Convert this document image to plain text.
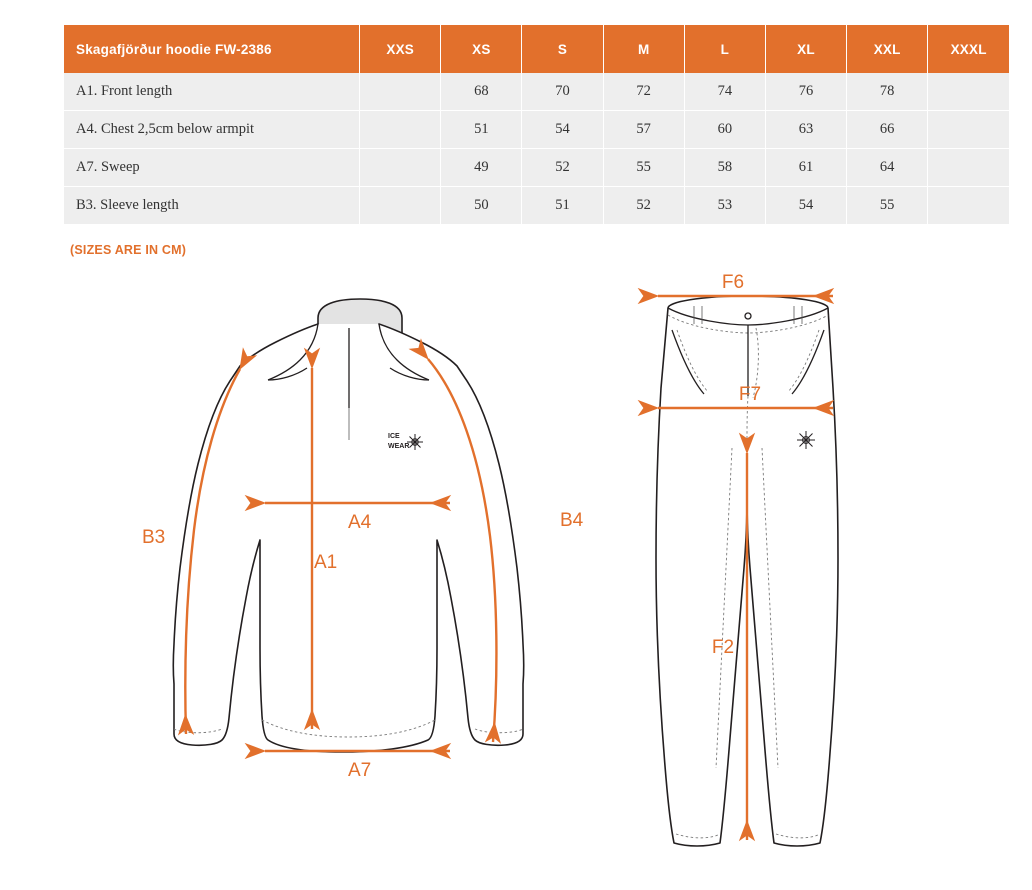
Skagafjörður hoodie FW-2386	XXS	XS	S	M	L	XL	XXL	XXXL
A1. Front length		68	70	72	74	76	78	
A4. Chest 2,5cm below armpit		51	54	57	60	63	66	
A7. Sweep		49	52	55	58	61	64	
B3. Sleeve length		50	51	52	53	54	55	
(SIZES ARE IN CM)
ICE
WEAR
B3
B4
A4
A1
A7
F6
F7
F2
